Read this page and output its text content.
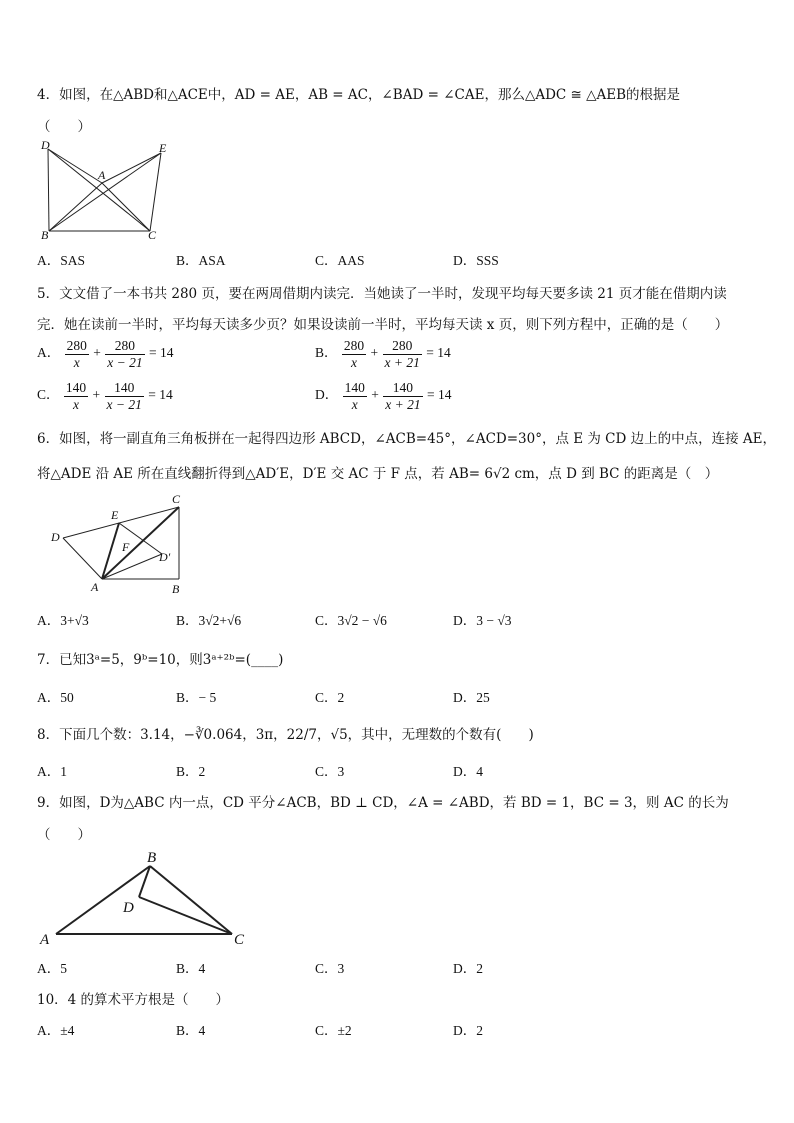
4．如图，在△ABD和△ACE中，AD = AE，AB = AC，∠BAD = ∠CAE，那么△ADC ≅ △AEB的根据是
（　　）
D	E
A
B	C
A．SAS	B．ASA	C．AAS	D．SSS
5．文文借了一本书共 280 页，要在两周借期内读完．当她读了一半时，发现平均每天要多读 21 页才能在借期内读
完．她在读前一半时，平均每天读多少页？如果设读前一半时，平均每天读 x 页，则下列方程中，正确的是（　　）
A． $\frac{280}{x} + \frac{280}{x - 21} = 14$	B． $\frac{280}{x} + \frac{280}{x + 21} = 14$
C． $\frac{140}{x} + \frac{140}{x - 21} = 14$	D． $\frac{140}{x} + \frac{140}{x + 21} = 14$
6．如图，将一副直角三角板拼在一起得四边形 ABCD，∠ACB=45°，∠ACD=30°，点 E 为 CD 边上的中点，连接 AE，
将△ADE 沿 AE 所在直线翻折得到△AD′E，D′E 交 AC 于 F 点，若 AB= 6√2 cm，点 D 到 BC 的距离是（　）
C
E
D
F
D'
A	B
A．3+√3	B．3√2+√6	C．3√2 − √6	D．3 − √3
7．已知3ᵃ=5，9ᵇ=10，则3ᵃ⁺²ᵇ=(____)
A．50	B．− 5	C．2	D．25
8．下面几个数：3.14，−∛0.064，3π，22/7，√5，其中，无理数的个数有(　　)
A．1	B．2	C．3	D．4
9．如图，D为△ABC 内一点，CD 平分∠ACB，BD ⊥ CD，∠A = ∠ABD，若 BD = 1，BC = 3，则 AC 的长为
（　　）
B
D
A	C
A．5	B．4	C．3	D．2
10．4 的算术平方根是（　　）
A．±4	B．4	C．±2	D．2
